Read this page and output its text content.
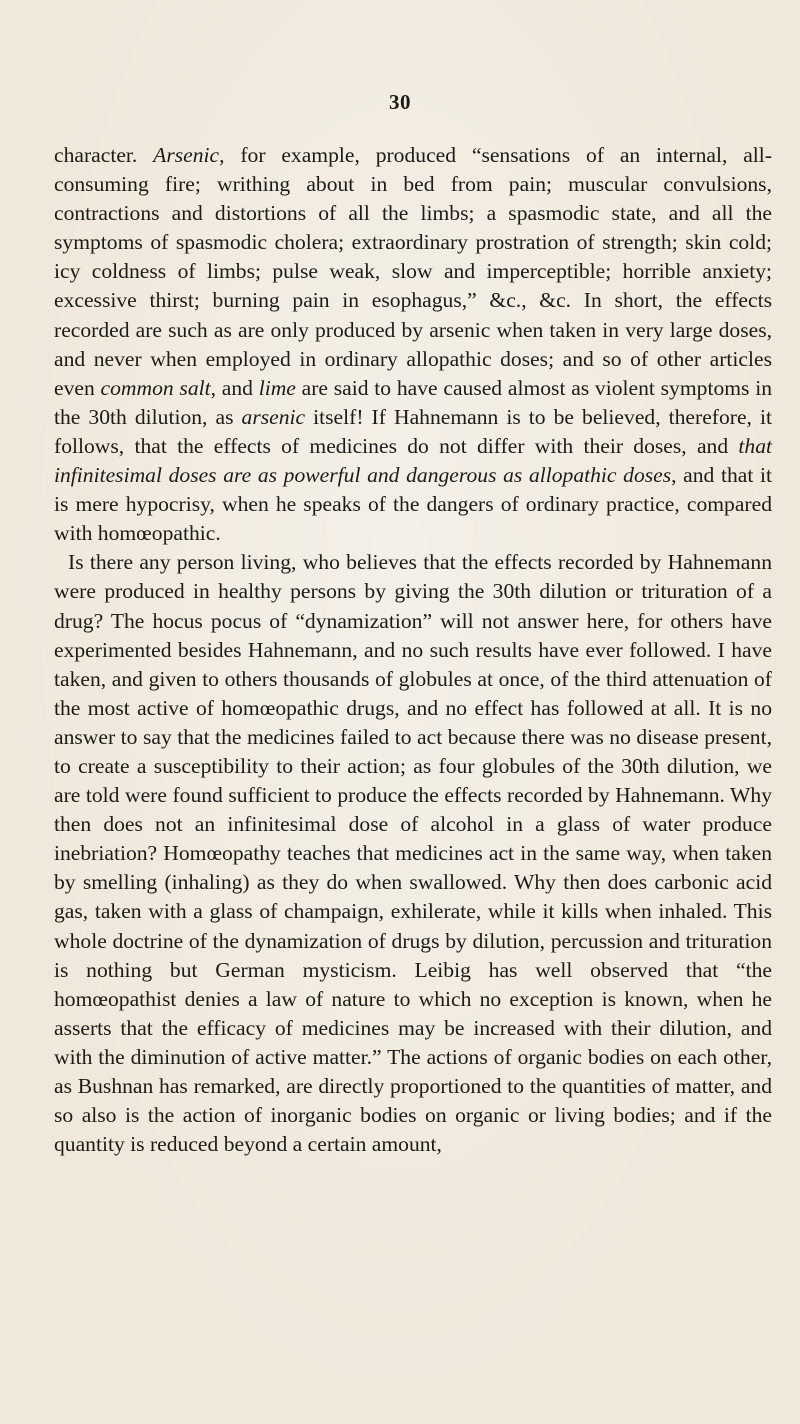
30

character. Arsenic, for example, produced “sensations of an internal, all-consuming fire; writhing about in bed from pain; muscular convulsions, contractions and distortions of all the limbs; a spasmodic state, and all the symptoms of spasmodic cholera; extraordinary prostration of strength; skin cold; icy coldness of limbs; pulse weak, slow and imperceptible; horrible anxiety; excessive thirst; burning pain in esophagus,” &c., &c. In short, the effects recorded are such as are only produced by arsenic when taken in very large doses, and never when employed in ordinary allopathic doses; and so of other articles even common salt, and lime are said to have caused almost as violent symptoms in the 30th dilution, as arsenic itself! If Hahnemann is to be believed, therefore, it follows, that the effects of medicines do not differ with their doses, and that infinitesimal doses are as powerful and dangerous as allopathic doses, and that it is mere hypocrisy, when he speaks of the dangers of ordinary practice, compared with homœopathic.

Is there any person living, who believes that the effects recorded by Hahnemann were produced in healthy persons by giving the 30th dilution or trituration of a drug? The hocus pocus of “dynamization” will not answer here, for others have experimented besides Hahnemann, and no such results have ever followed. I have taken, and given to others thousands of globules at once, of the third attenuation of the most active of homœopathic drugs, and no effect has followed at all. It is no answer to say that the medicines failed to act because there was no disease present, to create a susceptibility to their action; as four globules of the 30th dilution, we are told were found sufficient to produce the effects recorded by Hahnemann. Why then does not an infinitesimal dose of alcohol in a glass of water produce inebriation? Homœopathy teaches that medicines act in the same way, when taken by smelling (inhaling) as they do when swallowed. Why then does carbonic acid gas, taken with a glass of champaign, exhilerate, while it kills when inhaled. This whole doctrine of the dynamization of drugs by dilution, percussion and trituration is nothing but German mysticism. Leibig has well observed that “the homœopathist denies a law of nature to which no exception is known, when he asserts that the efficacy of medicines may be increased with their dilution, and with the diminution of active matter.” The actions of organic bodies on each other, as Bushnan has remarked, are directly proportioned to the quantities of matter, and so also is the action of inorganic bodies on organic or living bodies; and if the quantity is reduced beyond a certain amount,
